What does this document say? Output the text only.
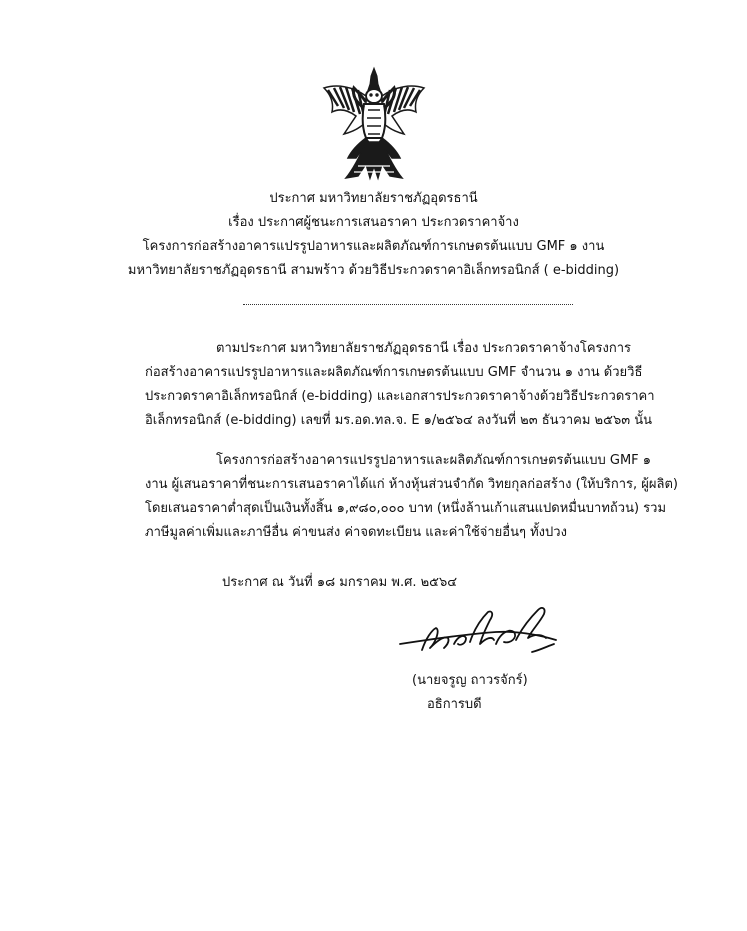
ประกาศ มหาวิทยาลัยราชภัฏอุดรธานี
เรื่อง ประกาศผู้ชนะการเสนอราคา ประกวดราคาจ้าง
โครงการก่อสร้างอาคารแปรรูปอาหารและผลิตภัณฑ์การเกษตรต้นแบบ GMF ๑ งาน
มหาวิทยาลัยราชภัฏอุดรธานี สามพร้าว ด้วยวิธีประกวดราคาอิเล็กทรอนิกส์ ( e-bidding)
ตามประกาศ มหาวิทยาลัยราชภัฏอุดรธานี เรื่อง ประกวดราคาจ้างโครงการ
ก่อสร้างอาคารแปรรูปอาหารและผลิตภัณฑ์การเกษตรต้นแบบ GMF จำนวน ๑ งาน ด้วยวิธี
ประกวดราคาอิเล็กทรอนิกส์ (e-bidding) และเอกสารประกวดราคาจ้างด้วยวิธีประกวดราคา
อิเล็กทรอนิกส์ (e-bidding) เลขที่ มร.อด.ทล.จ. E ๑/๒๕๖๔ ลงวันที่ ๒๓ ธันวาคม ๒๕๖๓ นั้น
โครงการก่อสร้างอาคารแปรรูปอาหารและผลิตภัณฑ์การเกษตรต้นแบบ GMF ๑
งาน ผู้เสนอราคาที่ชนะการเสนอราคาได้แก่ ห้างหุ้นส่วนจำกัด วิทยกุลก่อสร้าง (ให้บริการ, ผู้ผลิต)
โดยเสนอราคาต่ำสุดเป็นเงินทั้งสิ้น ๑,๙๘๐,๐๐๐ บาท (หนึ่งล้านเก้าแสนแปดหมื่นบาทถ้วน) รวม
ภาษีมูลค่าเพิ่มและภาษีอื่น ค่าขนส่ง ค่าจดทะเบียน และค่าใช้จ่ายอื่นๆ ทั้งปวง
ประกาศ ณ วันที่ ๑๘ มกราคม พ.ศ. ๒๕๖๔
(นายจรูญ ถาวรจักร์)
อธิการบดี
